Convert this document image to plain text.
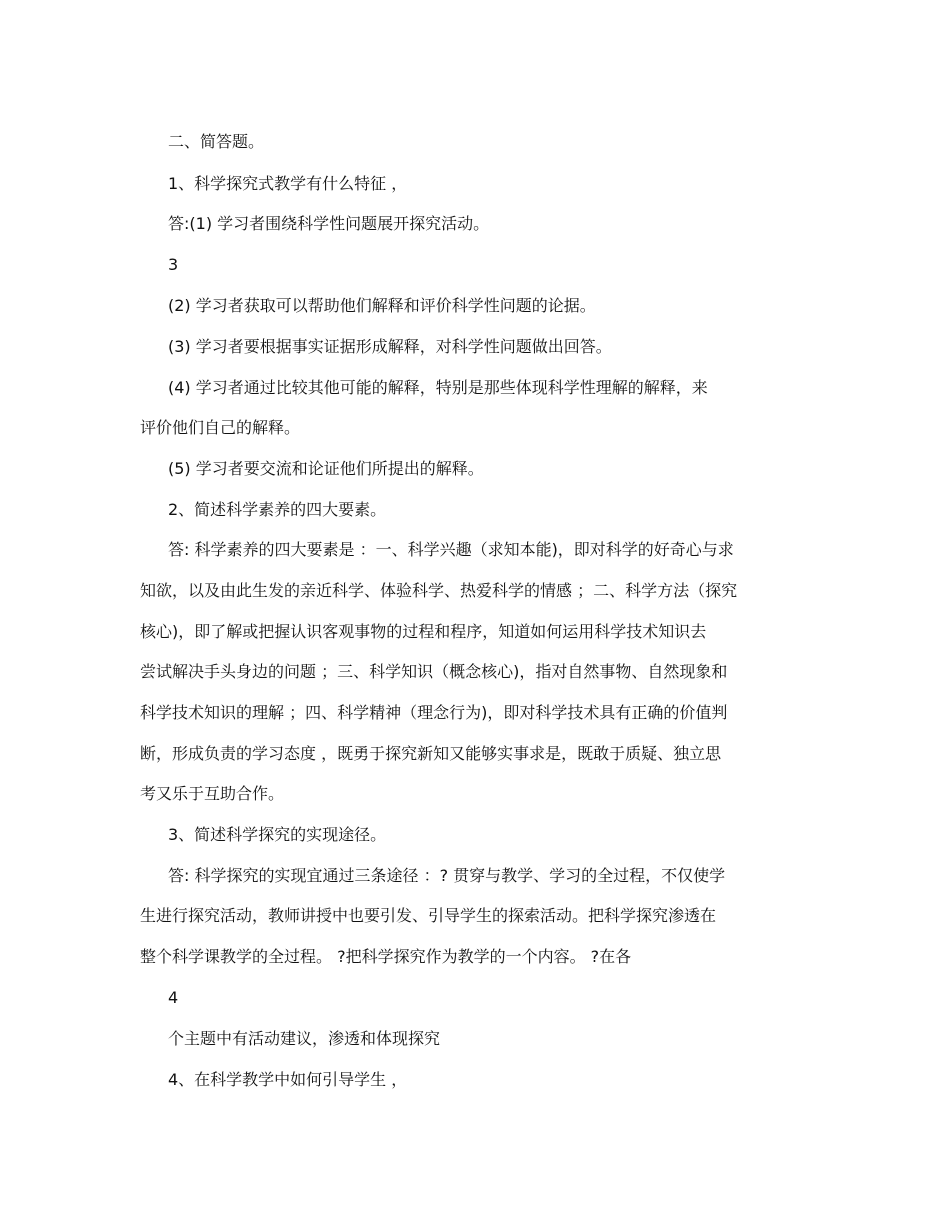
二、简答题。
1、科学探究式教学有什么特征 ，
答:(1) 学习者围绕科学性问题展开探究活动。
3
(2) 学习者获取可以帮助他们解释和评价科学性问题的论据。
(3) 学习者要根据事实证据形成解释，对科学性问题做出回答。
(4) 学习者通过比较其他可能的解释，特别是那些体现科学性理解的解释，来
评价他们自己的解释。
(5) 学习者要交流和论证他们所提出的解释。
2、简述科学素养的四大要素。
答: 科学素养的四大要素是 ：一、科学兴趣（求知本能)，即对科学的好奇心与求
知欲，以及由此生发的亲近科学、体验科学、热爱科学的情感 ；二、科学方法（探究
核心)，即了解或把握认识客观事物的过程和程序，知道如何运用科学技术知识去
尝试解决手头身边的问题 ；三、科学知识（概念核心)，指对自然事物、自然现象和
科学技术知识的理解 ；四、科学精神（理念行为)，即对科学技术具有正确的价值判
断，形成负责的学习态度 ，既勇于探究新知又能够实事求是，既敢于质疑、独立思
考又乐于互助合作。
3、简述科学探究的实现途径。
答: 科学探究的实现宜通过三条途径 ：? 贯穿与教学、学习的全过程，不仅使学
生进行探究活动，教师讲授中也要引发、引导学生的探索活动。把科学探究渗透在
整个科学课教学的全过程。 ?把科学探究作为教学的一个内容。 ?在各
4
个主题中有活动建议，渗透和体现探究
4、在科学教学中如何引导学生 ，
